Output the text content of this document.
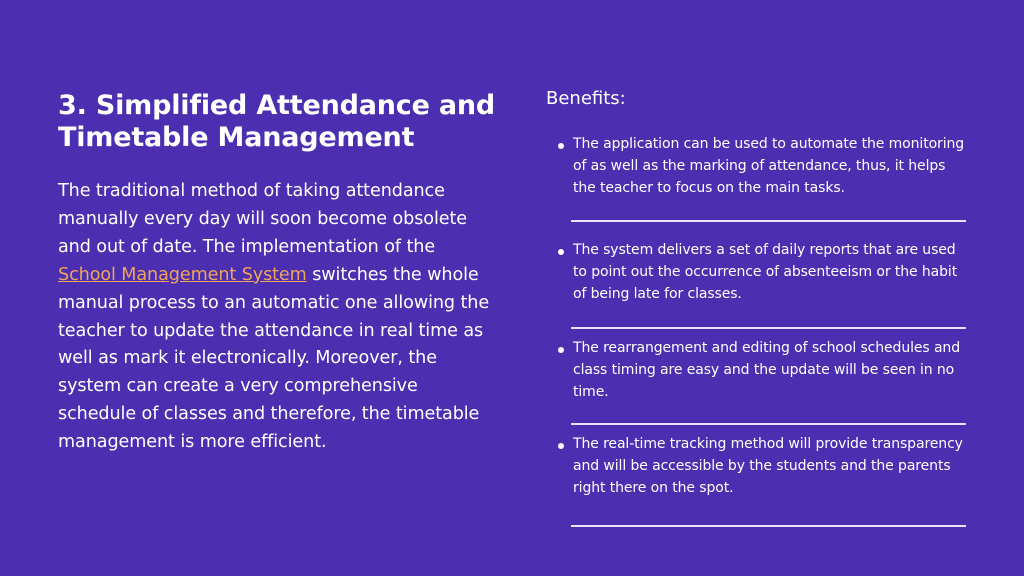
3. Simplified Attendance and
Timetable Management
The traditional method of taking attendance manually every day will soon become obsolete and out of date. The implementation of the School Management System switches the whole manual process to an automatic one allowing the teacher to update the attendance in real time as well as mark it electronically. Moreover, the system can create a very comprehensive schedule of classes and therefore, the timetable management is more efficient.
Benefits:
The application can be used to automate the monitoring of as well as the marking of attendance, thus, it helps the teacher to focus on the main tasks.
The system delivers a set of daily reports that are used to point out the occurrence of absenteeism or the habit of being late for classes.
The rearrangement and editing of school schedules and class timing are easy and the update will be seen in no time.
The real-time tracking method will provide transparency and will be accessible by the students and the parents right there on the spot.
